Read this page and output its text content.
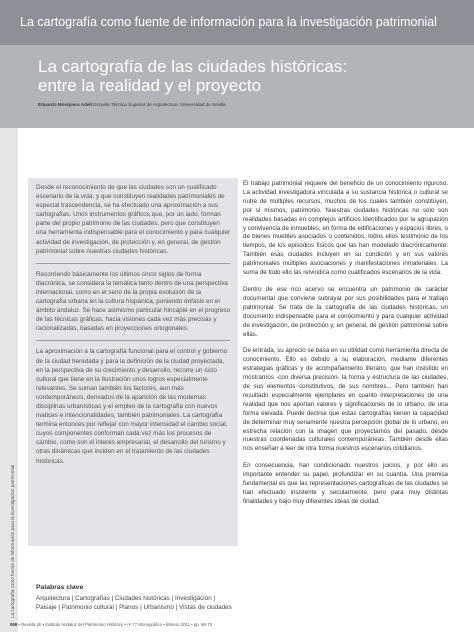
La cartografía como fuente de información para la investigación patrimonial
La cartografía de las ciudades históricas:
entre la realidad y el proyecto
Eduardo Mosquera Adell Escuela Técnica Superior de Arquitectura, Universidad de Sevilla
La cartografía como fuente de información para la investigación patrimonial

Desde el reconocimiento de que las ciudades son un cualificado escenario de la vida, y que constituyen realidades patrimoniales de especial trascendencia, se ha efectuado una aproximación a sus cartografías. Unos instrumentos gráficos que, por un lado, forman parte del propio patrimonio de las ciudades, pero que constituyen una herramienta indispensable para el conocimiento y para cualquier actividad de investigación, de protección y, en general, de gestión patrimonial sobre nuestras ciudades históricas.

Recorriendo básicamente los últimos cinco siglos de forma diacrónica, se considera la temática tanto dentro de una perspectiva internacional, como en el seno de la propia evolución de la cartografía urbana en la cultura hispánica, poniendo énfasis en el ámbito andaluz. Se hace asimismo particular hincapié en el progreso de las técnicas gráficas, hacia visiones cada vez más precisas y racionalizadas, basadas en proyecciones ortogonales.

La aproximación a la cartografía funcional para el control y gobierno de la ciudad heredada y para la definición de la ciudad proyectada, en la perspectiva de su crecimiento y desarrollo, recorre un ciclo cultural que tiene en la Ilustración unos logros especialmente relevantes. Se suman también los factores, aun más contemporáneos, derivados de la aparición de las modernas disciplinas urbanísticas y el empleo de la cartografía con nuevos matices e intencionalidades, también patrimoniales. La cartografía termina entonces por reflejar con mayor intensidad el cambio social, cuyos componentes conforman cada vez más los procesos de cambio, como son el interés empresarial, el desarrollo del turismo y otras dinámicas que inciden en el tratamiento de las ciudades históricas.

Palabras clave
Arquitectura | Cartografías | Ciudades históricas | Investigación | Paisaje | Patrimonio cultural | Planos | Urbanismo | Vistas de ciudades

El trabajo patrimonial requiere del beneficio de un conocimiento riguroso. La actividad investigadora vinculada a su sustancia histórica o cultural se nutre de múltiples recursos, muchos de los cuales también constituyen, por sí mismos, patrimonio. Nuestras ciudades históricas no sólo son realidades basadas en complejos artificios identificados por la agrupación y convivencia de inmuebles, en forma de edificaciones y espacios libres, o de bienes muebles asociados o contenidos, todos ellos testimonio de los tiempos, de los episodios físicos que las han modelado diacrónicamente. También esas ciudades incluyen en su condición y en sus valores patrimoniales múltiples asociaciones y manifestaciones inmateriales. La suma de todo ello las reivindica como cualificados escenarios de la vida.

Dentro de ese rico acervo se encuentra un patrimonio de carácter documental que conviene subrayar por sus posibilidades para el trabajo patrimonial. Se trata de la cartografía de las ciudades históricas, un documento indispensable para el conocimiento y para cualquier actividad de investigación, de protección y, en general, de gestión patrimonial sobre ellas.

De entrada, su aprecio se basa en su utilidad como herramienta directa de conocimiento. Ello es debido a su elaboración, mediante diferentes estrategias gráficas y de acompañamiento literario, que han insistido en mostrarnos -con diversa precisión- la forma y estructura de las ciudades, de sus elementos constitutivos, de sus nombres... Pero también han resultado especialmente ejemplares en cuanto interpretaciones de una realidad que nos aportan valores y significaciones de lo urbano, de una forma elevada. Puede decirse que estas cartografías tienen la capacidad de determinar muy seriamente nuestra percepción global de lo urbano, en estrecha relación con la imagen que proyectamos del pasado, desde nuestras coordenadas culturales contemporáneas. También desde ellas nos enseñan a leer de otra forma nuestros escenarios cotidianos.

En consecuencia, han condicionado nuestros juicios, y por ello es importante entender su papel, profundizar en su cuantía. Una premisa fundamental es que las representaciones cartográficas de las ciudades se han efectuado insistente y secularmente, pero para muy distintas finalidades y bajo muy diferentes ideas de ciudad.

068 • Revista ph • Instituto Andaluz del Patrimonio Histórico • nº 77 Monográfico • febrero 2011 • pp. 66-73
